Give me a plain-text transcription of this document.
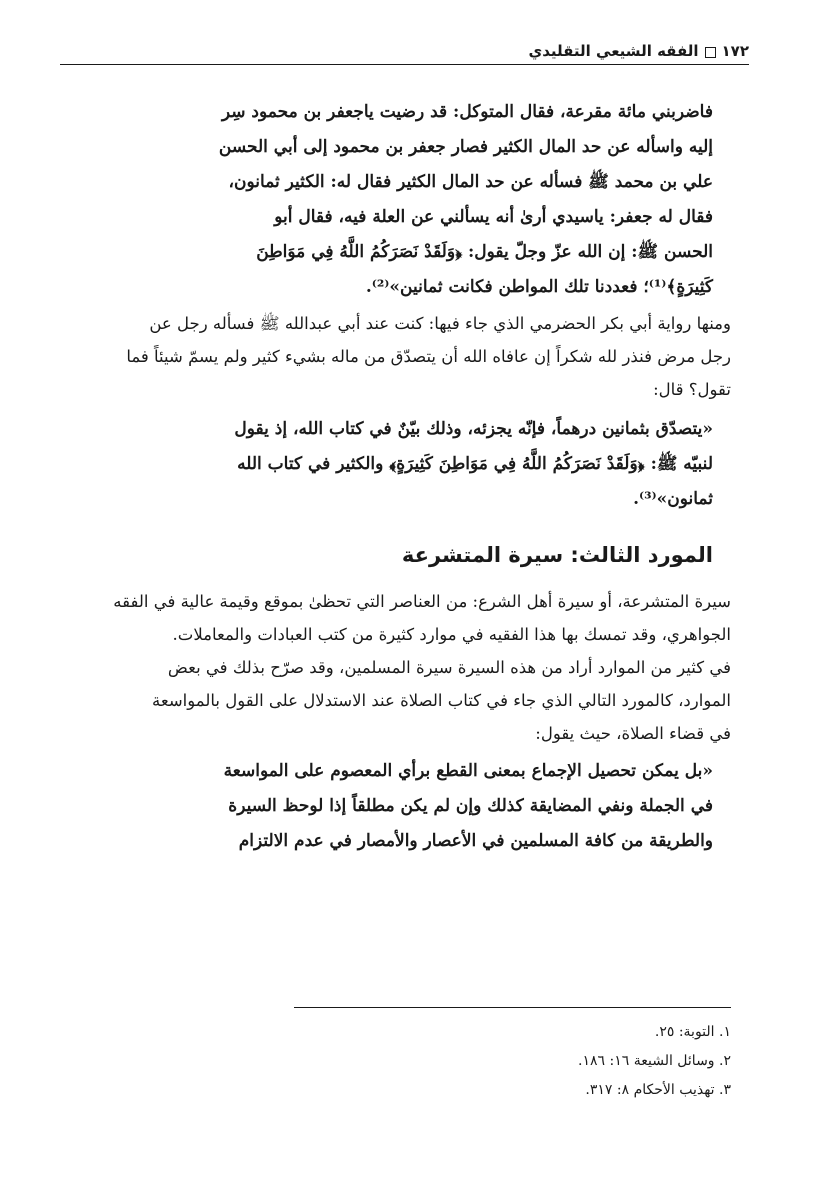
١٧٢
الفقه الشيعي التقليدي
فاضربني مائة مقرعة، فقال المتوكل: قد رضيت ياجعفر بن محمود سِر
إليه واسأله عن حد المال الكثير فصار جعفر بن محمود إلى أبي الحسن
علي بن محمد ﷺ فسأله عن حد المال الكثير فقال له: الكثير ثمانون،
فقال له جعفر: ياسيدي أرىٰ أنه يسألني عن العلة فيه، فقال أبو
الحسن ﷺ: إن الله عزّ وجلّ يقول: ﴿وَلَقَدْ نَصَرَكُمُ اللَّهُ فِي مَوَاطِنَ
كَثِيرَةٍ﴾⁽¹⁾؛ فعددنا تلك المواطن فكانت ثمانين»⁽²⁾.
ومنها رواية أبي بكر الحضرمي الذي جاء فيها: كنت عند أبي عبدالله ﷺ فسأله رجل عن
رجل مرض فنذر لله شكراً إن عافاه الله أن يتصدّق من ماله بشيء كثير ولم يسمّ شيئاً فما
تقول؟ قال:
«يتصدّق بثمانين درهماً، فإنّه يجزئه، وذلك بيّنٌ في كتاب الله، إذ يقول
لنبيّه ﷺ: ﴿وَلَقَدْ نَصَرَكُمُ اللَّهُ فِي مَوَاطِنَ كَثِيرَةٍ﴾ والكثير في كتاب الله
ثمانون»⁽³⁾.
المورد الثالث: سيرة المتشرعة
سيرة المتشرعة، أو سيرة أهل الشرع: من العناصر التي تحظىٰ بموقع وقيمة عالية في الفقه
الجواهري، وقد تمسك بها هذا الفقيه في موارد كثيرة من كتب العبادات والمعاملات.
في كثير من الموارد أراد من هذه السيرة سيرة المسلمين، وقد صرّح بذلك في بعض
الموارد، كالمورد التالي الذي جاء في كتاب الصلاة عند الاستدلال على القول بالمواسعة
في قضاء الصلاة، حيث يقول:
«بل يمكن تحصيل الإجماع بمعنى القطع برأي المعصوم على المواسعة
في الجملة ونفي المضايقة كذلك وإن لم يكن مطلقاً إذا لوحظ السيرة
والطريقة من كافة المسلمين في الأعصار والأمصار في عدم الالتزام
١. التوبة: ٢٥.
٢. وسائل الشيعة ١٦: ١٨٦.
٣. تهذيب الأحكام ٨: ٣١٧.
